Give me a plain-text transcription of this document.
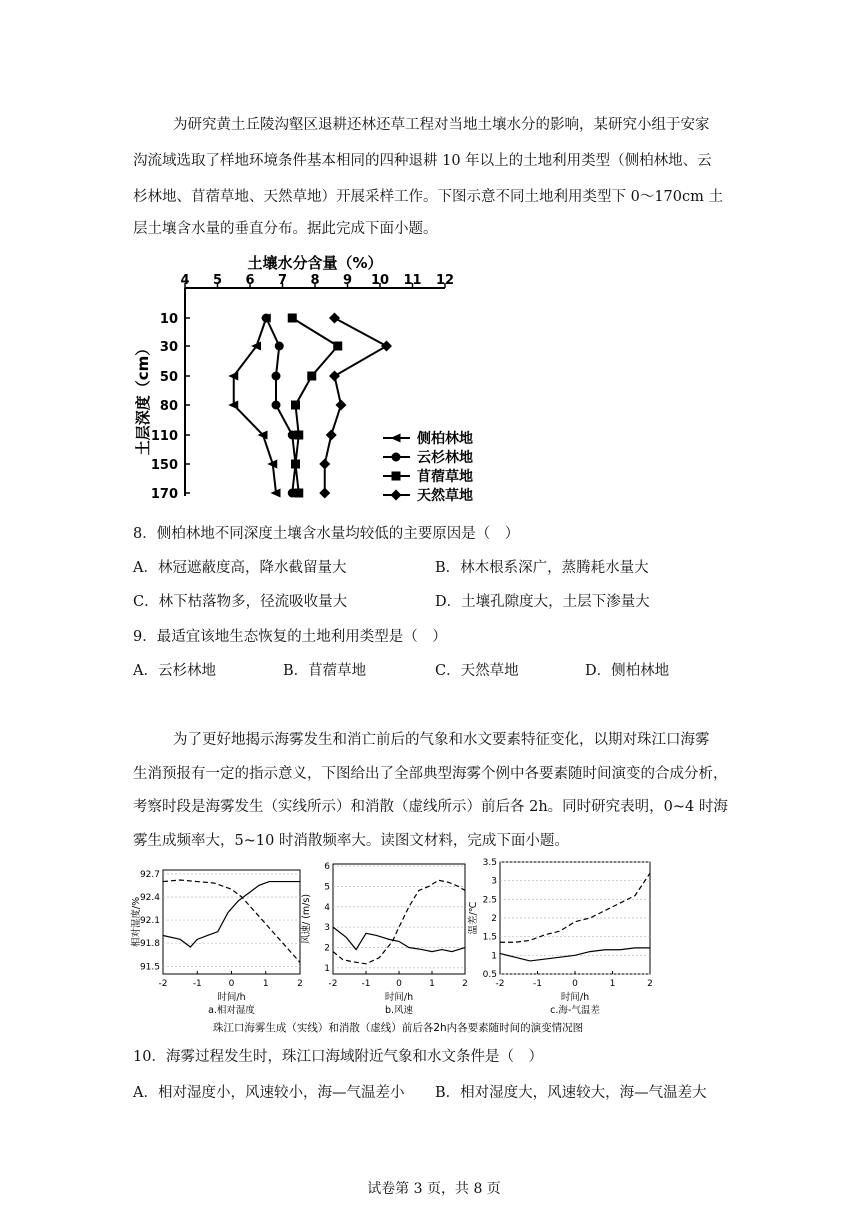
为研究黄土丘陵沟壑区退耕还林还草工程对当地土壤水分的影响，某研究小组于安家
沟流域选取了样地环境条件基本相同的四种退耕 10 年以上的土地利用类型（侧柏林地、云
杉林地、苜蓿草地、天然草地）开展采样工作。下图示意不同土地利用类型下 0～170cm 土
层土壤含水量的垂直分布。据此完成下面小题。
土壤水分含量（%）
4 5 6 7 8 9 10 11 12
10
30
50
80
110
150
170
土层深度（cm）	侧柏林地
云杉林地
苜蓿草地
天然草地
8．侧柏林地不同深度土壤含水量均较低的主要原因是（　）
A．林冠遮蔽度高，降水截留量大	B．林木根系深广，蒸腾耗水量大
C．林下枯落物多，径流吸收量大	D．土壤孔隙度大，土层下渗量大
9．最适宜该地生态恢复的土地利用类型是（　）
A．云杉林地	B．苜蓿草地	C．天然草地	D．侧柏林地
为了更好地揭示海雾发生和消亡前后的气象和水文要素特征变化，以期对珠江口海雾
生消预报有一定的指示意义，下图给出了全部典型海雾个例中各要素随时间演变的合成分析，
考察时段是海雾发生（实线所示）和消散（虚线所示）前后各 2h。同时研究表明，0~4 时海
雾生成频率大，5~10 时消散频率大。读图文材料，完成下面小题。
91.5
91.8
92.1
92.4
92.7
-2	-1	0	1	2
时间/h
a.相对湿度
相对湿度/%
1
2
3
4
5
6
-2	-1	0	1	2
时间/h
b.风速
风速/ (m/s)
0.5
1
1.5
2
2.5
3
3.5
-2	-1	0	1	2
时间/h
c.海-气温差
温差/℃
珠江口海雾生成（实线）和消散（虚线）前后各2h内各要素随时间的演变情况图
10．海雾过程发生时，珠江口海域附近气象和水文条件是（　）
A．相对湿度小，风速较小，海—气温差小 B．相对湿度大，风速较大，海—气温差大
试卷第 3 页，共 8 页
